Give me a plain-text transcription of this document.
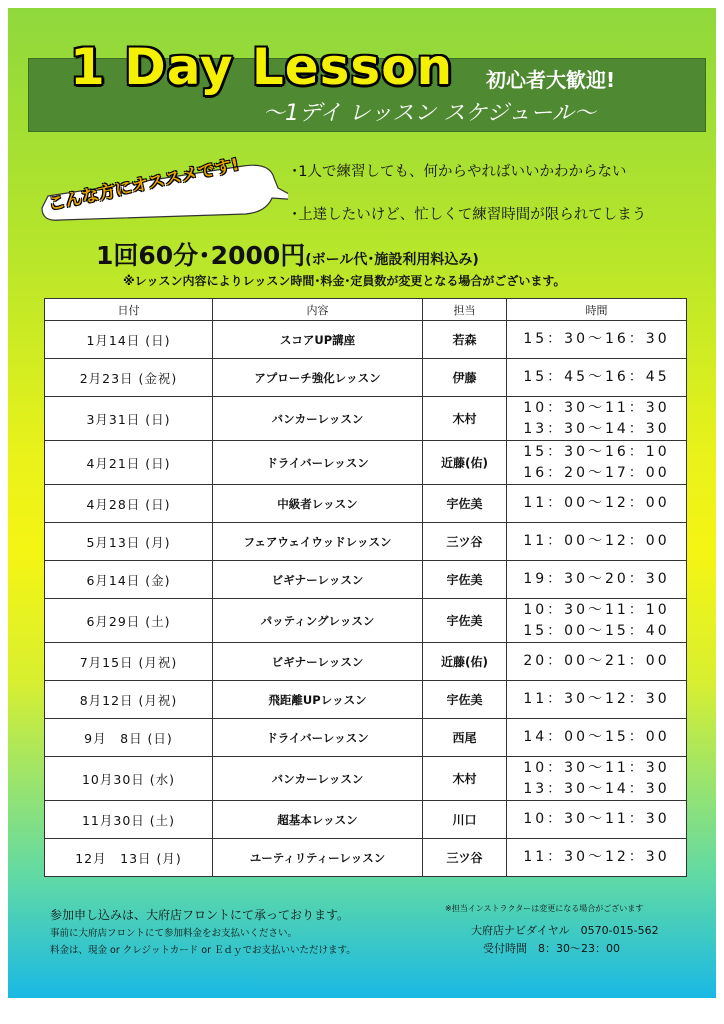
1 Day Lesson 初心者大歓迎!
～1デイ レッスン スケジュール～
こんな方にオススメです!	･1人で練習しても、何からやればいいかわからない
･上達したいけど、忙しくて練習時間が限られてしまう
1回60分･2000円(ボール代･施設利用料込み)
※レッスン内容によりレッスン時間･料金･定員数が変更となる場合がございます。
日付	内容	担当	時間
1月14日 (日)	スコアUP講座	若森	15：30～16：30

2月23日 (金祝)	アプローチ強化レッスン	伊藤	15：45～16：45

3月31日 (日)	バンカーレッスン	木村	10：30～11：30
13：30～14：30

4月21日 (日)	ドライバーレッスン	近藤(佑)	15：30～16：10
16：20～17：00

4月28日 (日)	中級者レッスン	宇佐美	11：00～12：00

5月13日 (月)	フェアウェイウッドレッスン	三ツ谷	11：00～12：00

6月14日 (金)	ビギナーレッスン	宇佐美	19：30～20：30

6月29日 (土)	パッティングレッスン	宇佐美	10：30～11：10
15：00～15：40

7月15日 (月祝)	ビギナーレッスン	近藤(佑)	20：00～21：00

8月12日 (月祝)	飛距離UPレッスン	宇佐美	11：30～12：30

9月　8日 (日)	ドライバーレッスン	西尾	14：00～15：00

10月30日 (水)	バンカーレッスン	木村	10：30～11：30
13：30～14：30

11月30日 (土)	超基本レッスン	川口	10：30～11：30

12月　13日 (月)	ユーティリティーレッスン	三ツ谷	11：30～12：30
参加申し込みは、大府店フロントにて承っております。
事前に大府店フロントにて参加料金をお支払いください。
料金は、現金 or クレジットカード or Ｅｄｙでお支払いいただけます。
※担当インストラクターは変更になる場合がございます
大府店ナビダイヤル　0570-015-562
受付時間　8：30～23：00
